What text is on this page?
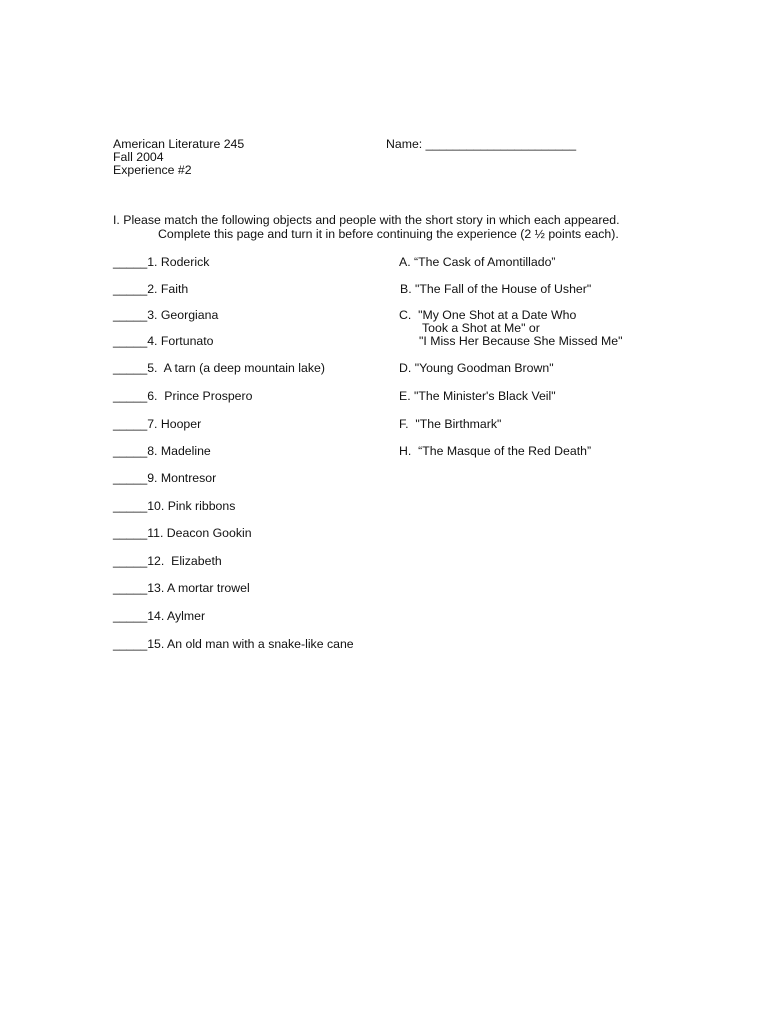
American Literature 245
Fall 2004
Experience #2
Name: ______________________
I. Please match the following objects and people with the short story in which each appeared.
Complete this page and turn it in before continuing the experience (2 ½ points each).
_____1. Roderick
_____2. Faith
_____3. Georgiana
_____4. Fortunato
_____5.  A tarn (a deep mountain lake)
_____6.  Prince Prospero
_____7. Hooper
_____8. Madeline
_____9. Montresor
_____10. Pink ribbons
_____11. Deacon Gookin
_____12.  Elizabeth
_____13. A mortar trowel
_____14. Aylmer
_____15. An old man with a snake-like cane
A. “The Cask of Amontillado”
B. "The Fall of the House of Usher"
C.  "My One Shot at a Date Who
Took a Shot at Me" or
"I Miss Her Because She Missed Me"
D. "Young Goodman Brown"
E. "The Minister's Black Veil"
F.  "The Birthmark"
H.  “The Masque of the Red Death”
